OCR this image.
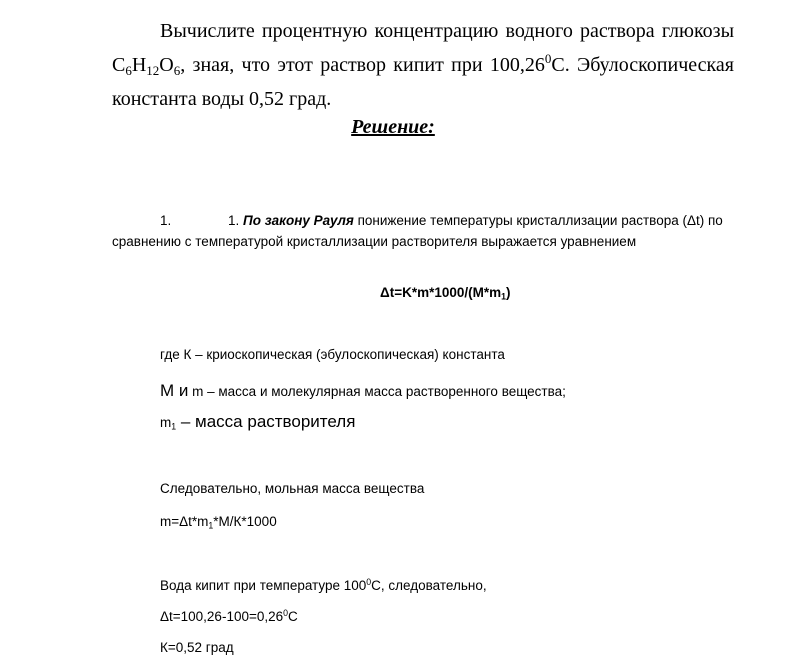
Вычислите процентную концентрацию водного раствора глюкозы
$C_6H_{12}O_6$, зная, что этот раствор кипит при 100,26$^0$C. Эбулоскопическая
константа воды 0,52 град.
Решение:
1.	1. По закону Рауля понижение температуры кристаллизации раствора (Δt) по
сравнению с температурой кристаллизации растворителя выражается уравнением
$\Delta t=K*m*1000/(M*m_1)$
где К – криоскопическая (эбулоскопическая) константа
М и m – масса и молекулярная масса растворенного вещества;
$m_1$ – масса растворителя
Следовательно, мольная масса вещества
$m=\Delta t*m_1*М/К*1000$
Вода кипит при температуре $100^0С$, следовательно,
$\Delta t=100,26-100=0,26^0C$
К=0,52 град
